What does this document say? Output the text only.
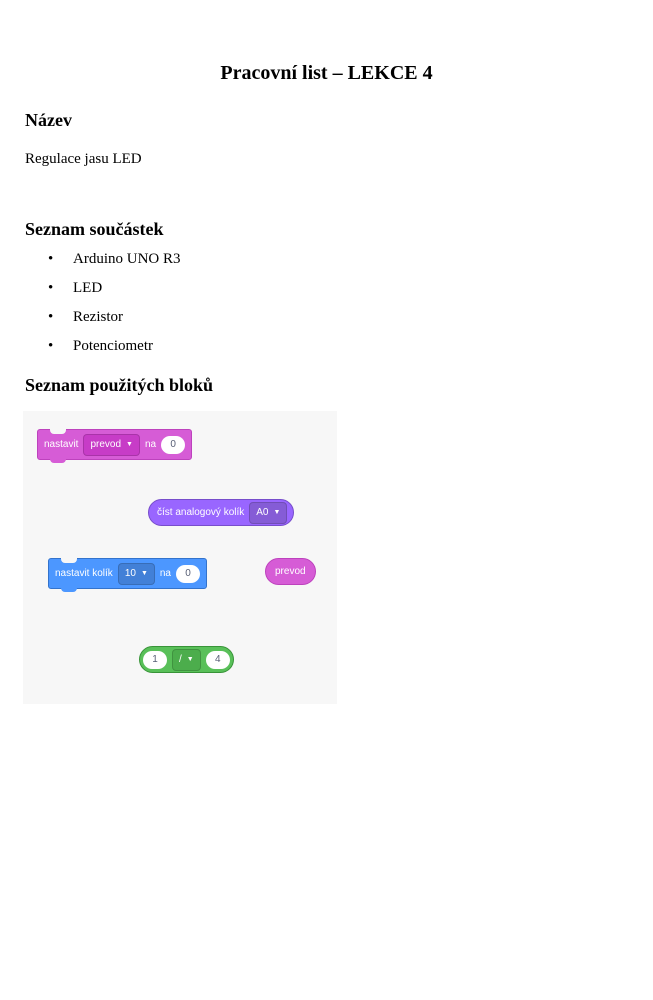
Pracovní list – LEKCE 4
Název
Regulace jasu LED
Seznam součástek
• Arduino UNO R3
• LED
• Rezistor
• Potenciometr
Seznam použitých bloků
nastavit prevod ▼ na	0
číst analogový kolík A0 ▼
nastavit kolík 10 ▼ na	0	prevod
1	/ ▼	4
